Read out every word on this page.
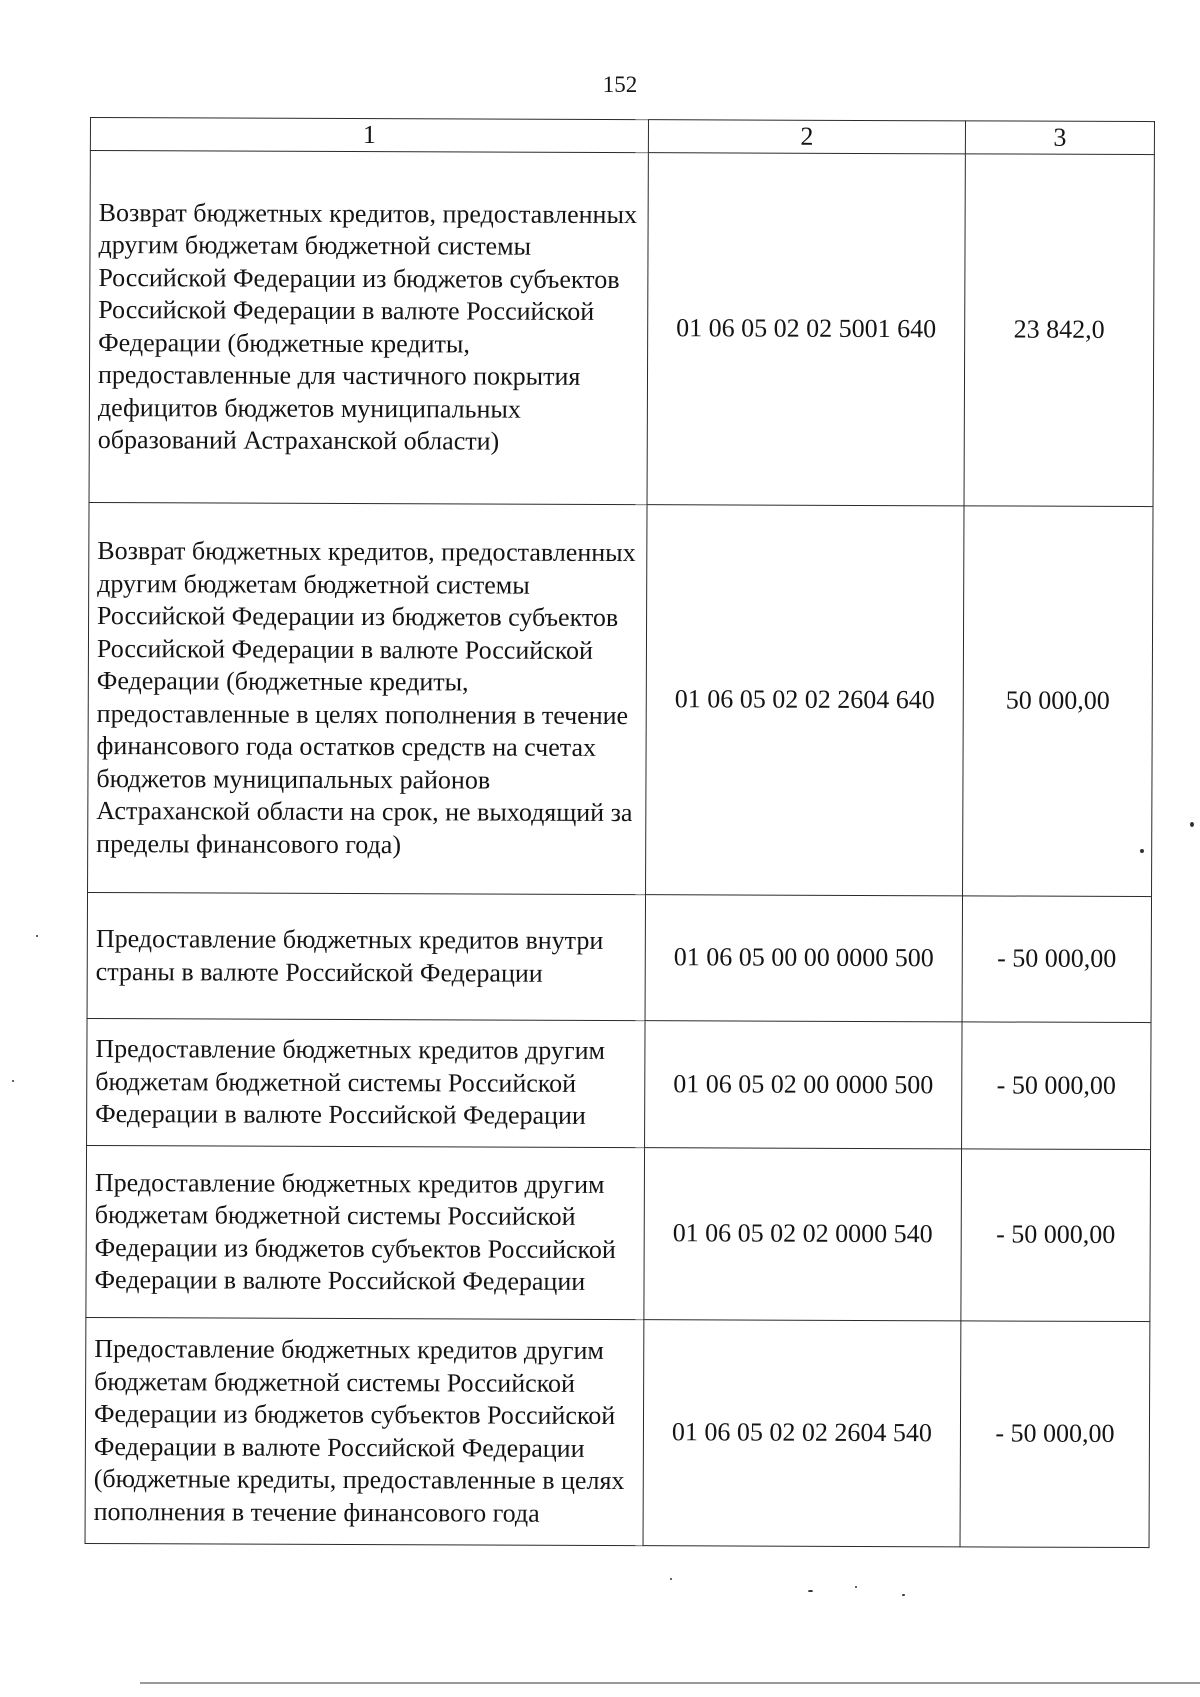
152
1	2	3
Возврат бюджетных кредитов, предоставленных другим бюджетам бюджетной системы Российской Федерации из бюджетов субъектов Российской Федерации в валюте Российской Федерации (бюджетные кредиты, предоставленные для частичного покрытия дефицитов бюджетов муниципальных образований Астраханской области)	01 06 05 02 02 5001 640	23 842,0
Возврат бюджетных кредитов, предоставленных другим бюджетам бюджетной системы Российской Федерации из бюджетов субъектов Российской Федерации в валюте Российской Федерации (бюджетные кредиты, предоставленные в целях пополнения в течение финансового года остатков средств на счетах бюджетов муниципальных районов Астраханской области на срок, не выходящий за пределы финансового года)	01 06 05 02 02 2604 640	50 000,00
Предоставление бюджетных кредитов внутри страны в валюте Российской Федерации	01 06 05 00 00 0000 500	- 50 000,00
Предоставление бюджетных кредитов другим бюджетам бюджетной системы Российской Федерации в валюте Российской Федерации	01 06 05 02 00 0000 500	- 50 000,00
Предоставление бюджетных кредитов другим бюджетам бюджетной системы Российской Федерации из бюджетов субъектов Российской Федерации в валюте Российской Федерации	01 06 05 02 02 0000 540	- 50 000,00
Предоставление бюджетных кредитов другим бюджетам бюджетной системы Российской Федерации из бюджетов субъектов Российской Федерации в валюте Российской Федерации (бюджетные кредиты, предоставленные в целях пополнения в течение финансового года	01 06 05 02 02 2604 540	- 50 000,00
